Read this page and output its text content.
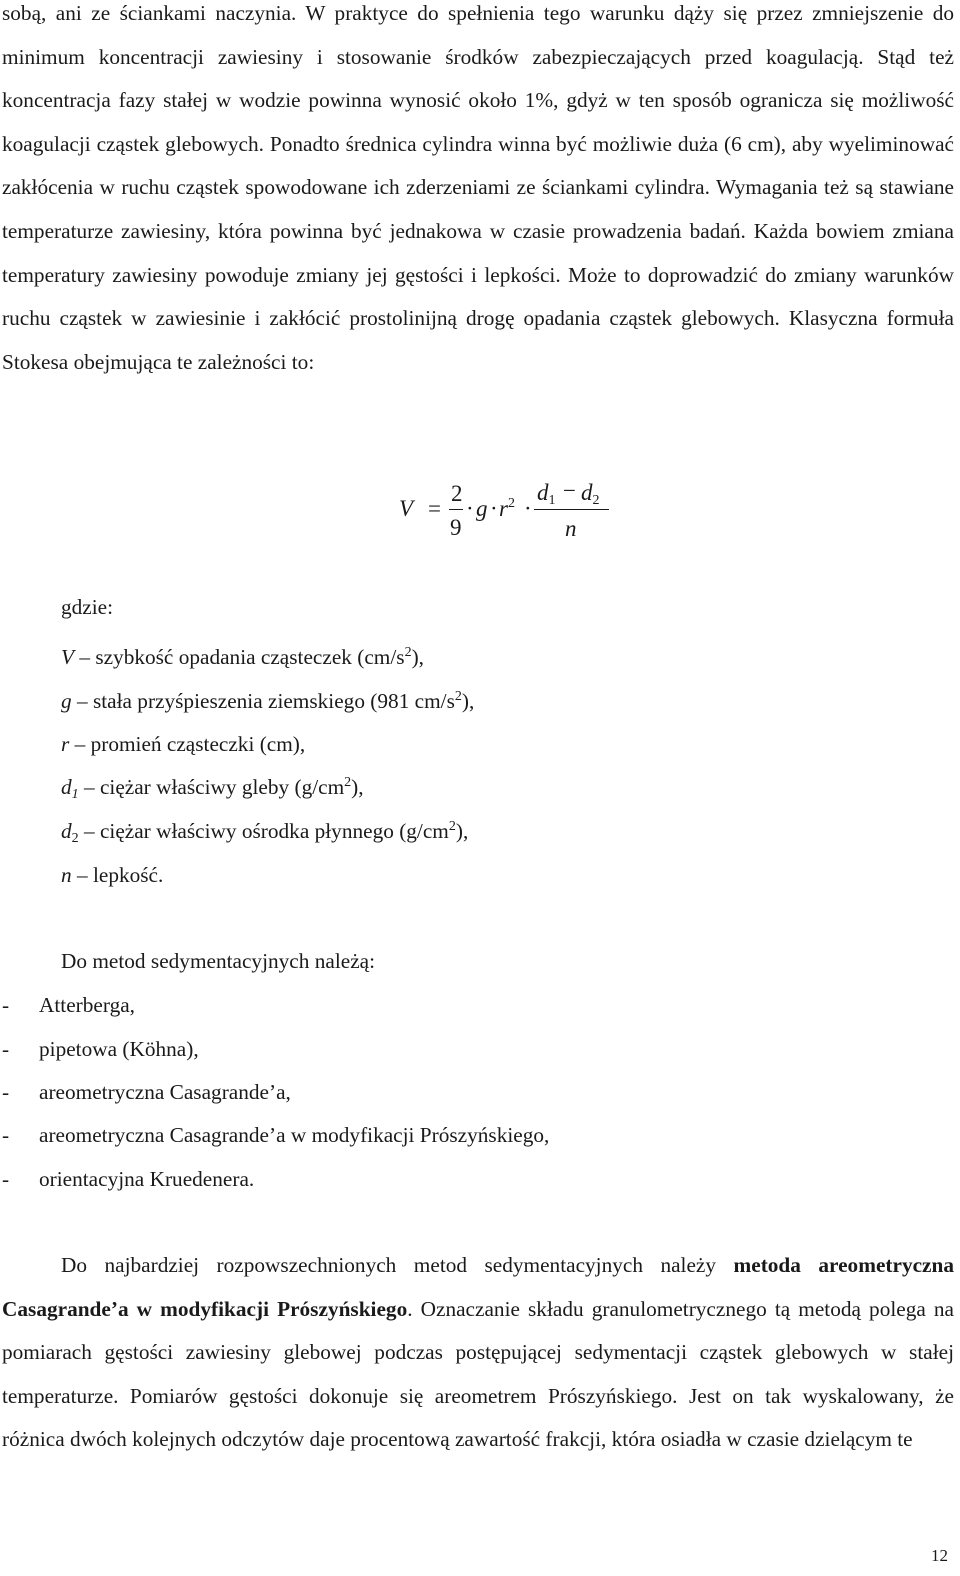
sobą, ani ze ściankami naczynia. W praktyce do spełnienia tego warunku dąży się przez zmniejszenie do minimum koncentracji zawiesiny i stosowanie środków zabezpieczających przed koagulacją. Stąd też koncentracja fazy stałej w wodzie powinna wynosić około 1%, gdyż w ten sposób ogranicza się możliwość koagulacji cząstek glebowych. Ponadto średnica cylindra winna być możliwie duża (6 cm), aby wyeliminować zakłócenia w ruchu cząstek spowodowane ich zderzeniami ze ściankami cylindra. Wymagania też są stawiane temperaturze zawiesiny, która powinna być jednakowa w czasie prowadzenia badań. Każda bowiem zmiana temperatury zawiesiny powoduje zmiany jej gęstości i lepkości. Może to doprowadzić do zmiany warunków ruchu cząstek w zawiesinie i zakłócić prostolinijną drogę opadania cząstek glebowych. Klasyczna formuła Stokesa obejmująca te zależności to:
V =
2
9
· $g \cdot r^2$ ·
d1 − d2
n
gdzie:
V – szybkość opadania cząsteczek $(cm/s^2)$,
g – stała przyśpieszenia ziemskiego (981 $cm/s^2$),
r – promień cząsteczki (cm),
d1 – ciężar właściwy gleby $(g/cm^2)$,
d2 – ciężar właściwy ośrodka płynnego $(g/cm^2)$,
n – lepkość.
Do metod sedymentacyjnych należą:
- Atterberga,
- pipetowa (Köhna),
- areometryczna Casagrande’a,
- areometryczna Casagrande’a w modyfikacji Prószyńskiego,
- orientacyjna Kruedenera.
Do najbardziej rozpowszechnionych metod sedymentacyjnych należy metoda areometryczna Casagrande’a w modyfikacji Prószyńskiego. Oznaczanie składu granulometrycznego tą metodą polega na pomiarach gęstości zawiesiny glebowej podczas postępującej sedymentacji cząstek glebowych w stałej temperaturze. Pomiarów gęstości dokonuje się areometrem Prószyńskiego. Jest on tak wyskalowany, że różnica dwóch kolejnych odczytów daje procentową zawartość frakcji, która osiadła w czasie dzielącym te
12
